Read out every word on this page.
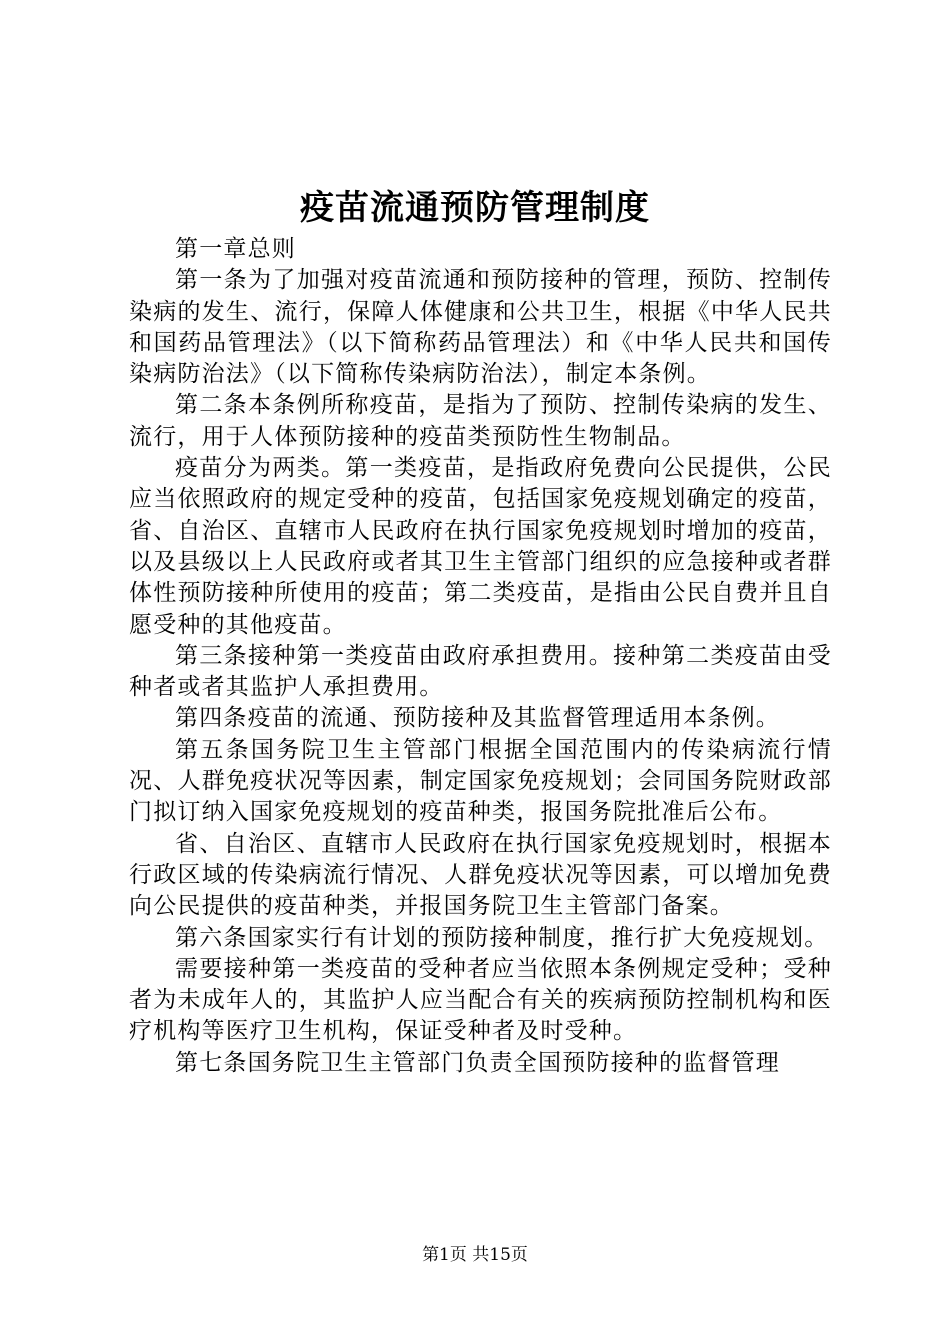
疫苗流通预防管理制度

第一章总则

第一条为了加强对疫苗流通和预防接种的管理，预防、控制传染病的发生、流行，保障人体健康和公共卫生，根据《中华人民共和国药品管理法》（以下简称药品管理法）和《中华人民共和国传染病防治法》（以下简称传染病防治法），制定本条例。

第二条本条例所称疫苗，是指为了预防、控制传染病的发生、流行，用于人体预防接种的疫苗类预防性生物制品。

疫苗分为两类。第一类疫苗，是指政府免费向公民提供，公民应当依照政府的规定受种的疫苗，包括国家免疫规划确定的疫苗，省、自治区、直辖市人民政府在执行国家免疫规划时增加的疫苗，以及县级以上人民政府或者其卫生主管部门组织的应急接种或者群体性预防接种所使用的疫苗；第二类疫苗，是指由公民自费并且自愿受种的其他疫苗。

第三条接种第一类疫苗由政府承担费用。接种第二类疫苗由受种者或者其监护人承担费用。

第四条疫苗的流通、预防接种及其监督管理适用本条例。

第五条国务院卫生主管部门根据全国范围内的传染病流行情况、人群免疫状况等因素，制定国家免疫规划；会同国务院财政部门拟订纳入国家免疫规划的疫苗种类，报国务院批准后公布。

省、自治区、直辖市人民政府在执行国家免疫规划时，根据本行政区域的传染病流行情况、人群免疫状况等因素，可以增加免费向公民提供的疫苗种类，并报国务院卫生主管部门备案。

第六条国家实行有计划的预防接种制度，推行扩大免疫规划。

需要接种第一类疫苗的受种者应当依照本条例规定受种；受种者为未成年人的，其监护人应当配合有关的疾病预防控制机构和医疗机构等医疗卫生机构，保证受种者及时受种。

第七条国务院卫生主管部门负责全国预防接种的监督管理

第1页 共15页
